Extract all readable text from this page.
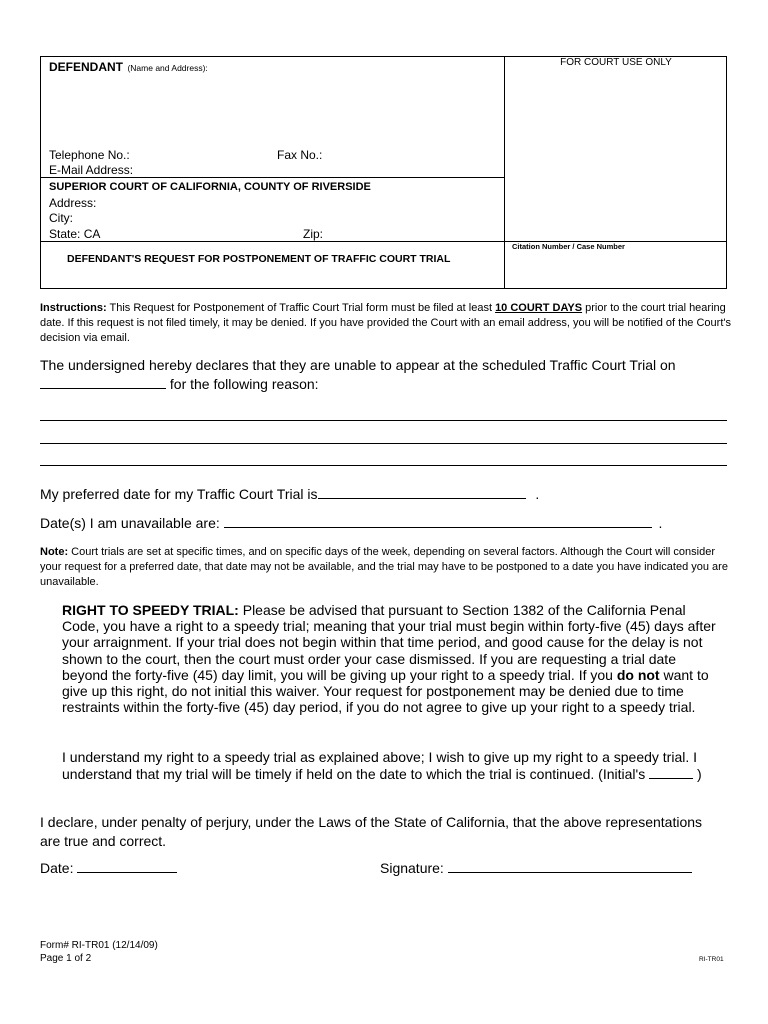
DEFENDANT (Name and Address):
Telephone No.:	Fax No.:
E-Mail Address:
SUPERIOR COURT OF CALIFORNIA, COUNTY OF RIVERSIDE
Address:
City:
State: CA	Zip:
DEFENDANT'S REQUEST FOR POSTPONEMENT OF TRAFFIC COURT TRIAL
FOR COURT USE ONLY
Citation Number / Case Number
Instructions: This Request for Postponement of Traffic Court Trial form must be filed at least 10 COURT DAYS prior to the court trial hearing date. If this request is not filed timely, it may be denied. If you have provided the Court with an email address, you will be notified of the Court's decision via email.
The undersigned hereby declares that they are unable to appear at the scheduled Traffic Court Trial on
for the following reason:
My preferred date for my Traffic Court Trial is	.
Date(s) I am unavailable are:	.
Note: Court trials are set at specific times, and on specific days of the week, depending on several factors. Although the Court will consider your request for a preferred date, that date may not be available, and the trial may have to be postponed to a date you have indicated you are unavailable.
RIGHT TO SPEEDY TRIAL: Please be advised that pursuant to Section 1382 of the California Penal Code, you have a right to a speedy trial; meaning that your trial must begin within forty-five (45) days after your arraignment. If your trial does not begin within that time period, and good cause for the delay is not shown to the court, then the court must order your case dismissed. If you are requesting a trial date beyond the forty-five (45) day limit, you will be giving up your right to a speedy trial. If you do not want to give up this right, do not initial this waiver. Your request for postponement may be denied due to time restraints within the forty-five (45) day period, if you do not agree to give up your right to a speedy trial.
I understand my right to a speedy trial as explained above; I wish to give up my right to a speedy trial. I understand that my trial will be timely if held on the date to which the trial is continued. (Initial's	)
I declare, under penalty of perjury, under the Laws of the State of California, that the above representations are true and correct.
Date:	Signature:
Form# RI-TR01 (12/14/09)
Page 1 of 2	RI-TR01
